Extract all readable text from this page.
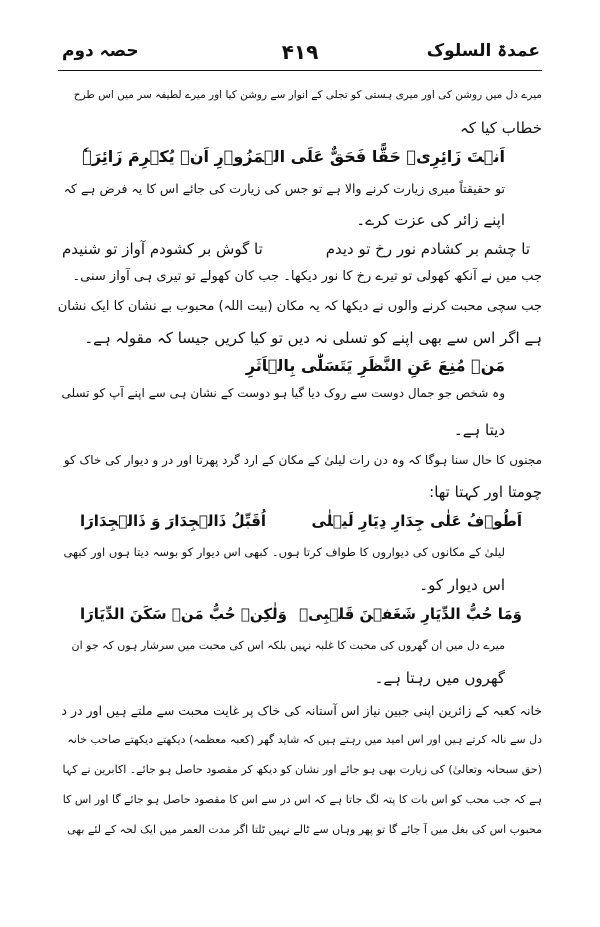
عمدۃ السلوک
۴۱۹
حصہ دوم
میرے دل میں روشن کی اور میری ہستی کو تجلی کے انوار سے روشن کیا اور میرے لطیفہ سر میں اس طرح
خطاب کیا کہ
اَنۡتَ زَائِرِیۡ حَقًّا فَحَقٌّ عَلَی الۡمَزُوۡرِ اَنۡ یُکۡرِمَ زَائِرَہٗ
تو حقیقتاً میری زیارت کرنے والا ہے تو جس کی زیارت کی جائے اس کا یہ فرض ہے کہ
اپنے زائر کی عزت کرے۔
تا چشم بر کشادم نور رخ تو دیدم
تا گوش بر کشودم آواز تو شنیدم
جب میں نے آنکھ کھولی تو تیرے رخ کا نور دیکھا۔ جب کان کھولے تو تیری ہی آواز سنی۔
جب سچی محبت کرنے والوں نے دیکھا کہ یہ مکان (بیت اللہ) محبوب بے نشان کا ایک نشان
ہے اگر اس سے بھی اپنے کو تسلی نہ دیں تو کیا کریں جیسا کہ مقولہ ہے۔
مَنۡ مُنِعَ عَنِ النَّظَرِ یَتَسَلّٰی بِالۡاَثَرِ
وہ شخص جو جمال دوست سے روک دیا گیا ہو دوست کے نشان ہی سے اپنے آپ کو تسلی
دیتا ہے۔
مجنوں کا حال سنا ہوگا کہ وہ دن رات لیلیٰ کے مکان کے ارد گرد پھرتا اور در و دیوار کی خاک کو
چومتا اور کہتا تھا:
اَطُوۡفُ عَلٰی جِدَارِ دِیَارِ لَیۡلٰی
اُقَبِّلُ ذَالۡجِدَارَ وَ ذَالۡجِدَارَا
لیلیٰ کے مکانوں کی دیواروں کا طواف کرتا ہوں۔ کبھی اس دیوار کو بوسہ دیتا ہوں اور کبھی
اس دیوار کو۔
وَمَا حُبُّ الدِّیَارِ شَغَفۡنَ قَلۡبِیۡ
وَلٰکِنۡ حُبُّ مَنۡ سَکَنَ الدِّیَارَا
میرے دل میں ان گھروں کی محبت کا غلبہ نہیں بلکہ اس کی محبت میں سرشار ہوں کہ جو ان
گھروں میں رہتا ہے۔
خانہ کعبہ کے زائرین اپنی جبین نیاز اس آستانہ کی خاک پر غایت محبت سے ملتے ہیں اور در د
دل سے نالہ کرتے ہیں اور اس امید میں رہتے ہیں کہ شاید گھر (کعبہ معظمہ) دیکھتے دیکھتے صاحب خانہ
(حق سبحانہ وتعالیٰ) کی زیارت بھی ہو جائے اور نشان کو دیکھ کر مقصود حاصل ہو جائے۔ اکابرین نے کہا
ہے کہ جب محب کو اس بات کا پتہ لگ جاتا ہے کہ اس در سے اس کا مقصود حاصل ہو جائے گا اور اس کا
محبوب اس کی بغل میں آ جائے گا تو پھر وہاں سے ٹالے نہیں ٹلتا اگر مدت العمر میں ایک لحہ کے لئے بھی
